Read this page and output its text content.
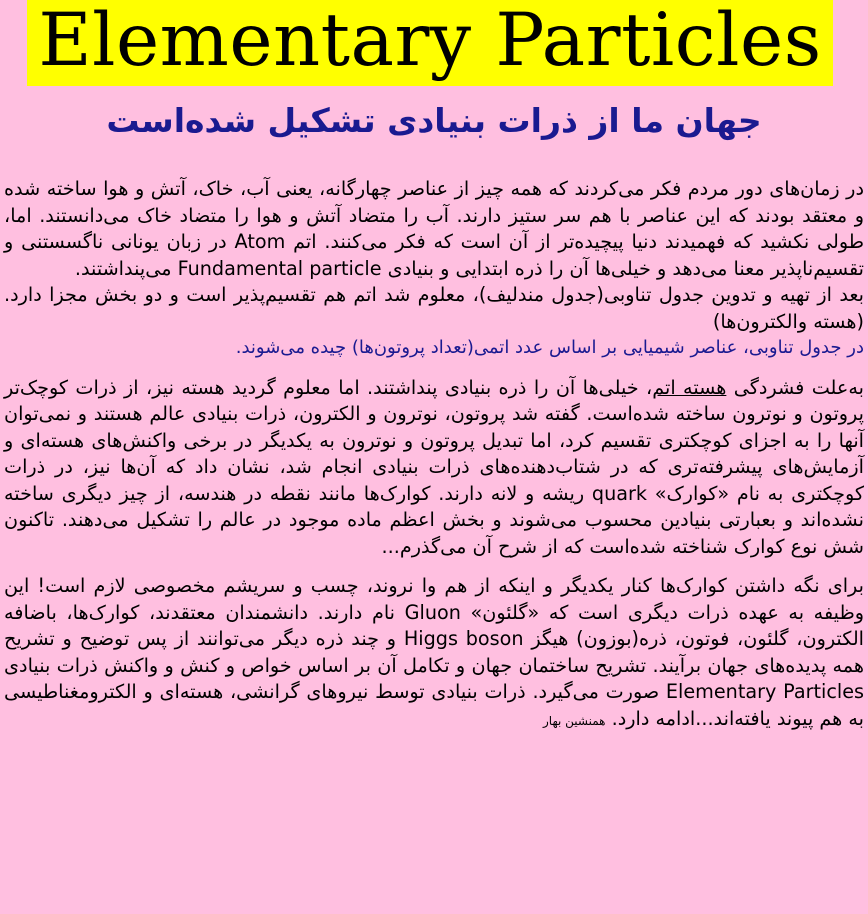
Elementary Particles
جهان ما از ذرات بنیادی تشکیل شده‌است

در زمان‌های دور مردم فکر می‌کردند که همه چیز از عناصر چهارگانه، یعنی آب، خاک، آتش و هوا ساخته شده و معتقد بودند که این عناصر با هم سر ستیز دارند. آب را متضاد آتش و هوا را متضاد خاک می‌دانستند. اما، طولی نکشید که فهمیدند دنیا پیچیده‌تر از آن است که فکر می‌کنند. اتم Atom در زبان یونانی ناگسستنی و تقسیم‌ناپذیر معنا می‌دهد و خیلی‌ها آن را ذره ابتدایی و بنیادی Fundamental particle می‌پنداشتند.

بعد از تهیه و تدوین جدول تناوبی(جدول مندلیف)، معلوم شد اتم هم تقسیم‌پذیر است و دو بخش مجزا دارد. (هسته والکترون‌ها)

در جدول تناوبی، عناصر شیمیایی بر اساس عدد اتمی(تعداد پروتون‌ها) چیده می‌شوند.

به‌علت فشردگی هسته اتم، خیلی‌ها آن را ذره بنیادی پنداشتند. اما معلوم گردید هسته نیز، از ذرات کوچک‌تر پروتون و نوترون ساخته شده‌است. گفته شد پروتون، نوترون و الکترون، ذرات بنیادی عالم هستند و نمی‌توان آنها را به اجزای کوچکتری تقسیم کرد، اما تبدیل پروتون و نوترون به یکدیگر در برخی واکنش‌های هسته‌ای و آزمایش‌های پیشرفته‌تری که در شتاب‌دهنده‌های ذرات بنیادی انجام شد، نشان داد که آن‌ها نیز، در ذرات کوچکتری به نام «کوارک» quark ریشه و لانه دارند. کوارک‌ها مانند نقطه در هندسه، از چیز دیگری ساخته نشده‌اند و بعبارتی بنیادین محسوب می‌شوند و بخش اعظم ماده موجود در عالم را تشکیل می‌دهند. تاکنون شش نوع کوارک شناخته شده‌است که از شرح آن می‌گذرم...

برای نگه داشتن کوارک‌ها کنار یکدیگر و اینکه از هم وا نروند، چسب و سریشم مخصوصی لازم است! این وظیفه به عهده ذرات دیگری است که «گلئون» Gluon نام دارند. دانشمندان معتقدند، کوارک‌ها، باضافه الکترون، گلئون، فوتون، ذره(بوزون) هیگز Higgs boson و چند ذره دیگر می‌توانند از پس توضیح و تشریح همه پدیده‌های جهان برآیند. تشریح ساختمان جهان و تکامل آن بر اساس خواص و کنش و واکنش ذرات بنیادی Elementary Particles صورت می‌گیرد. ذرات بنیادی توسط نیروهای گرانشی، هسته‌ای و الکترومغناطیسی به هم پیوند یافته‌اند...ادامه دارد. همنشین بهار
